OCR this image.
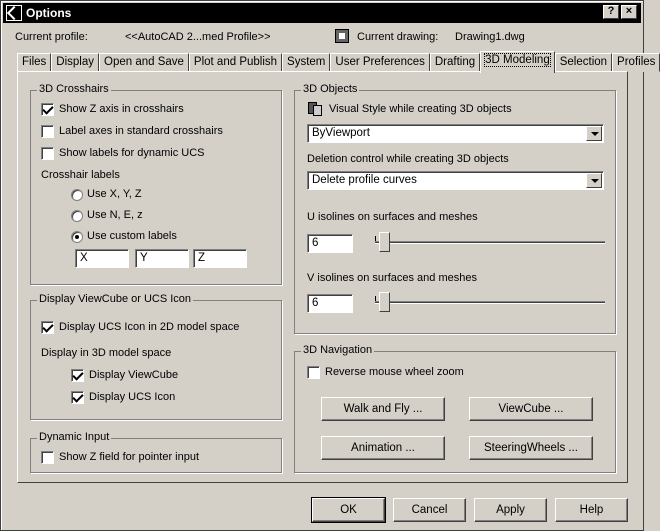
Options	?	×
Current profile:	<<AutoCAD 2...med Profile>>	Current drawing: Drawing1.dwg
Files Display Open and Save Plot and Publish System User Preferences Drafting 3D Modeling Selection Profiles
3D Crosshairs
Show Z axis in crosshairs
Label axes in standard crosshairs
Show labels for dynamic UCS
Crosshair labels
Use X, Y, Z
Use N, E, z
Use custom labels
X	Y	Z
Display ViewCube or UCS Icon
Display UCS Icon in 2D model space
Display in 3D model space
Display ViewCube
Display UCS Icon
Dynamic Input
Show Z field for pointer input
3D Objects
Visual Style while creating 3D objects
ByViewport
Deletion control while creating 3D objects
Delete profile curves
U isolines on surfaces and meshes
6
V isolines on surfaces and meshes
6
3D Navigation
Reverse mouse wheel zoom
Walk and Fly ...	ViewCube ...
Animation ...	SteeringWheels ...
OK	Cancel	Apply	Help
